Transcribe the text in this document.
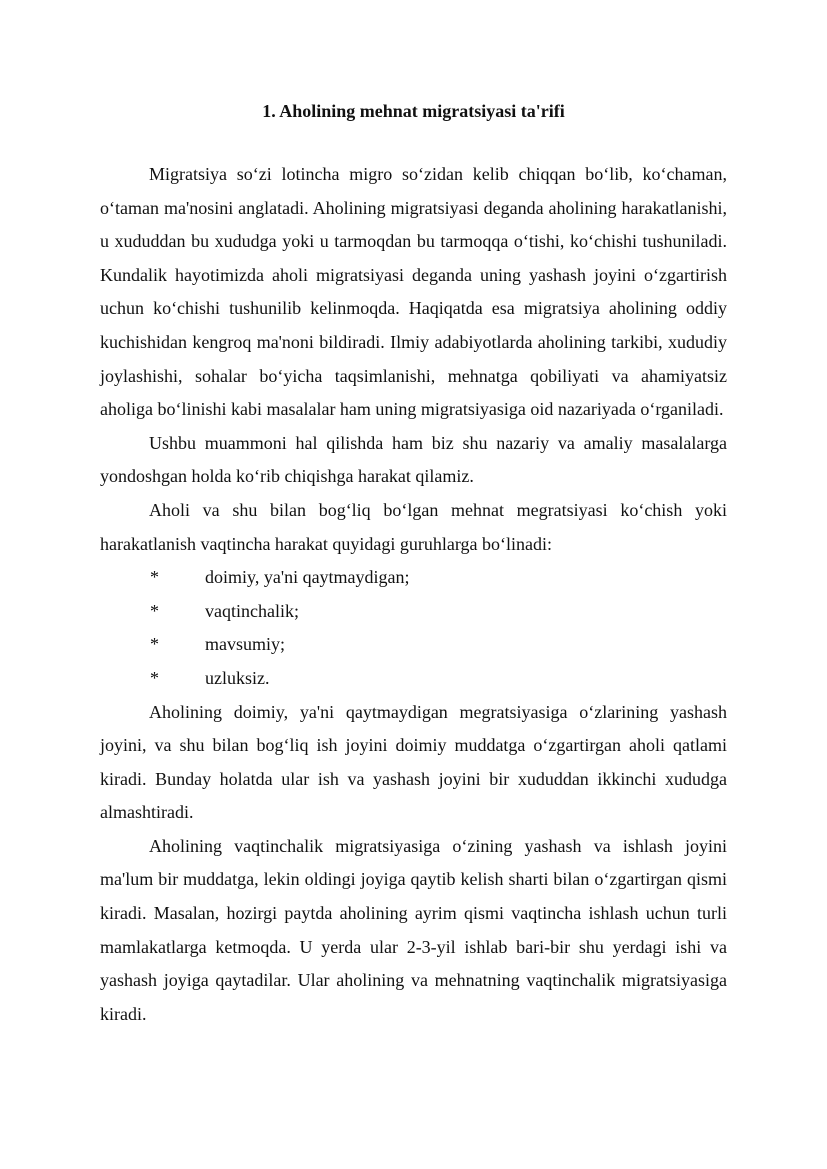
1. Aholining mehnat migratsiyasi ta'rifi

Migratsiya so‘zi lotincha migro so‘zidan kelib chiqqan bo‘lib, ko‘chaman, o‘taman ma'nosini anglatadi. Aholining migratsiyasi deganda aholining harakatlanishi, u xududdan bu xududga yoki u tarmoqdan bu tarmoqqa o‘tishi, ko‘chishi tushuniladi. Kundalik hayotimizda aholi migratsiyasi deganda uning yashash joyini o‘zgartirish uchun ko‘chishi tushunilib kelinmoqda. Haqiqatda esa migratsiya aholining oddiy kuchishidan kengroq ma'noni bildiradi. Ilmiy adabiyotlarda aholining tarkibi, xududiy joylashishi, sohalar bo‘yicha taqsimlanishi, mehnatga qobiliyati va ahamiyatsiz aholiga bo‘linishi kabi masalalar ham uning migratsiyasiga oid nazariyada o‘rganiladi.

Ushbu muammoni hal qilishda ham biz shu nazariy va amaliy masalalarga yondoshgan holda ko‘rib chiqishga harakat qilamiz.

Aholi va shu bilan bog‘liq bo‘lgan mehnat megratsiyasi ko‘chish yoki harakatlanish vaqtincha harakat quyidagi guruhlarga bo‘linadi:

*	doimiy, ya'ni qaytmaydigan;
*	vaqtinchalik;
*	mavsumiy;
*	uzluksiz.

Aholining doimiy, ya'ni qaytmaydigan megratsiyasiga o‘zlarining yashash joyini, va shu bilan bog‘liq ish joyini doimiy muddatga o‘zgartirgan aholi qatlami kiradi. Bunday holatda ular ish va yashash joyini bir xududdan ikkinchi xududga almashtiradi.

Aholining vaqtinchalik migratsiyasiga o‘zining yashash va ishlash joyini ma'lum bir muddatga, lekin oldingi joyiga qaytib kelish sharti bilan o‘zgartirgan qismi kiradi. Masalan, hozirgi paytda aholining ayrim qismi vaqtincha ishlash uchun turli mamlakatlarga ketmoqda. U yerda ular 2-3-yil ishlab bari-bir shu yerdagi ishi va yashash joyiga qaytadilar. Ular aholining va mehnatning vaqtinchalik migratsiyasiga kiradi.
